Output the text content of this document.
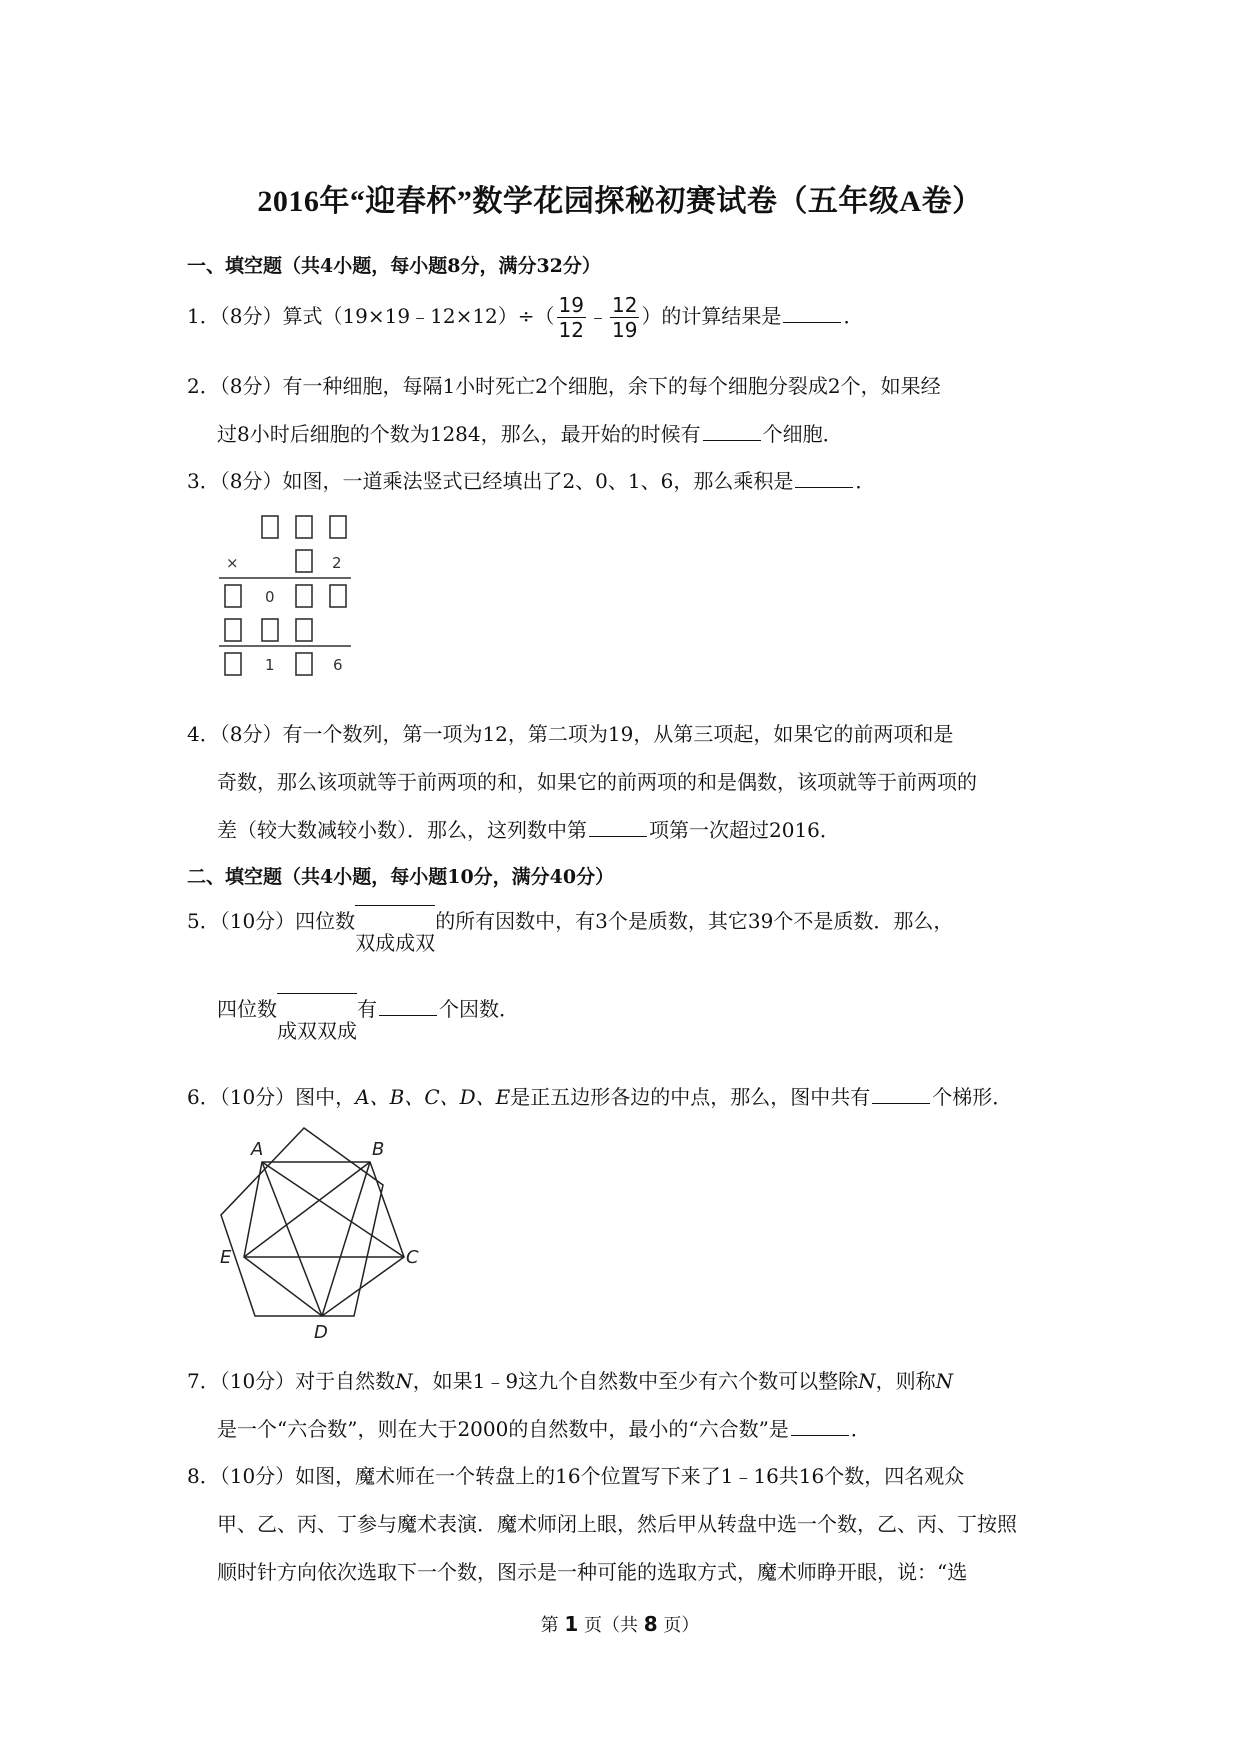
2016年“迎春杯”数学花园探秘初赛试卷（五年级A卷）
一、填空题（共4小题，每小题8分，满分32分）
1．（8分）算式（19×19﹣12×12）÷（ $\frac{19}{12}$ ﹣ $\frac{12}{19}$ ）的计算结果是	．
2．（8分）有一种细胞，每隔1小时死亡2个细胞，余下的每个细胞分裂成2个，如果经
过8小时后细胞的个数为1284，那么，最开始的时候有	个细胞．
3．（8分）如图，一道乘法竖式已经填出了2、0、1、6，那么乘积是	．
×	2
0
1	6
4．（8分）有一个数列，第一项为12，第二项为19，从第三项起，如果它的前两项和是
奇数，那么该项就等于前两项的和，如果它的前两项的和是偶数，该项就等于前两项的
差（较大数减较小数）．那么，这列数中第	项第一次超过2016．
二、填空题（共4小题，每小题10分，满分40分）
5．（10分）四位数
双成成双的所有因数中，有3个是质数，其它39个不是质数．那么，
四位数
成双双成有	个因数．
6．（10分）图中，A、B、C、D、E是正五边形各边的中点，那么，图中共有	个梯形．
A	B
C
D
E
7．（10分）对于自然数N，如果1﹣9这九个自然数中至少有六个数可以整除N，则称N
是一个“六合数”，则在大于2000的自然数中，最小的“六合数”是	．
8．（10分）如图，魔术师在一个转盘上的16个位置写下来了1﹣16共16个数，四名观众
甲、乙、丙、丁参与魔术表演．魔术师闭上眼，然后甲从转盘中选一个数，乙、丙、丁按照
顺时针方向依次选取下一个数，图示是一种可能的选取方式，魔术师睁开眼，说：“选
第 1 页（共 8 页）
